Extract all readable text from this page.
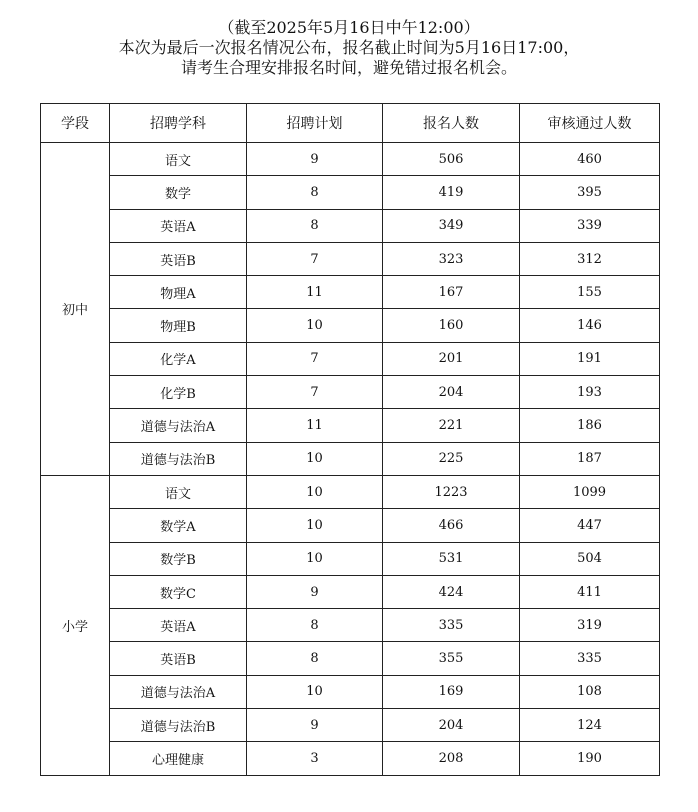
（截至2025年5月16日中午12:00）
本次为最后一次报名情况公布，报名截止时间为5月16日17:00，
请考生合理安排报名时间，避免错过报名机会。
学段	招聘学科	招聘计划	报名人数	审核通过人数
初中	语文	9	506	460
	数学	8	419	395
	英语A	8	349	339
	英语B	7	323	312
	物理A	11	167	155
	物理B	10	160	146
	化学A	7	201	191
	化学B	7	204	193
	道德与法治A	11	221	186
	道德与法治B	10	225	187
小学	语文	10	1223	1099
	数学A	10	466	447
	数学B	10	531	504
	数学C	9	424	411
	英语A	8	335	319
	英语B	8	355	335
	道德与法治A	10	169	108
	道德与法治B	9	204	124
	心理健康	3	208	190
